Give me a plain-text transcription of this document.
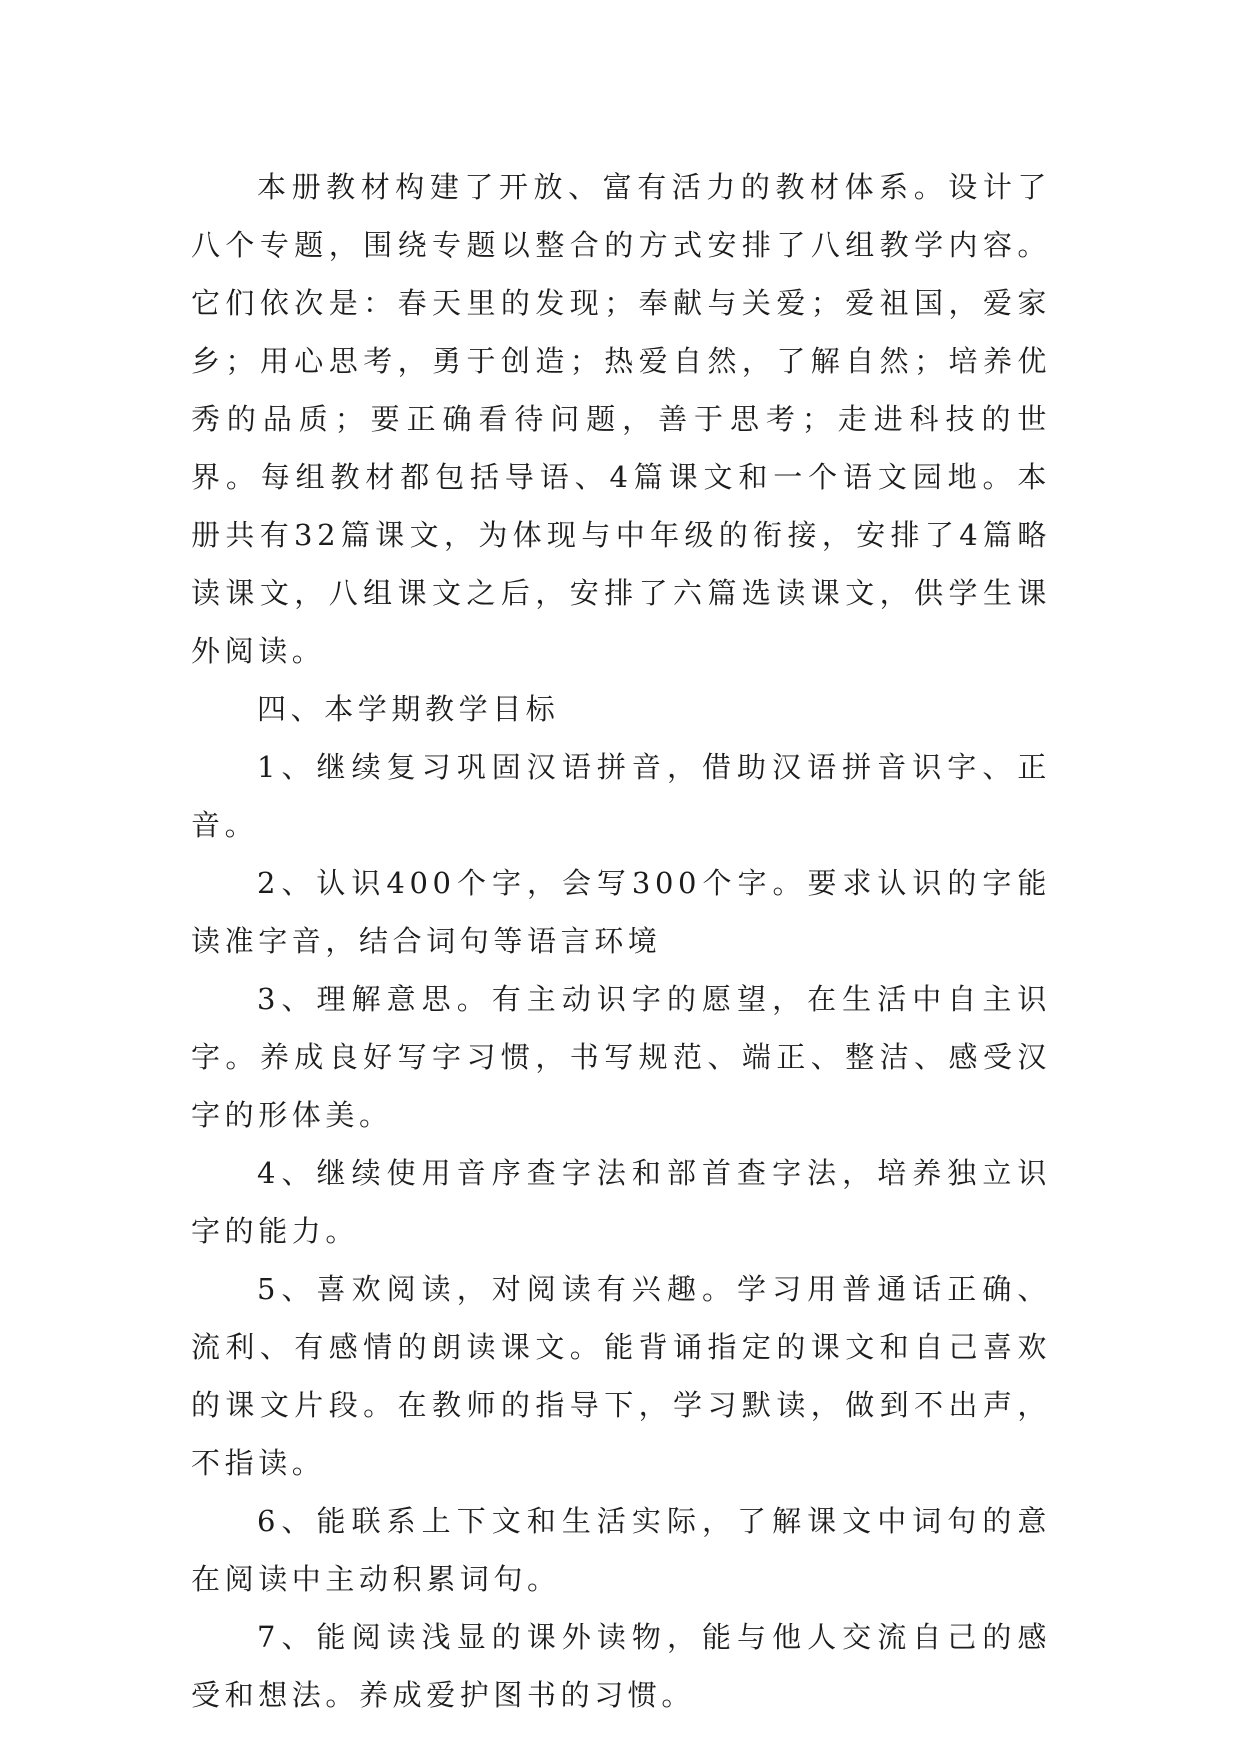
本册教材构建了开放、富有活力的教材体系。设计了八个专题，围绕专题以整合的方式安排了八组教学内容。它们依次是：春天里的发现；奉献与关爱；爱祖国，爱家乡；用心思考，勇于创造；热爱自然，了解自然；培养优秀的品质；要正确看待问题，善于思考；走进科技的世界。每组教材都包括导语、4篇课文和一个语文园地。本册共有32篇课文，为体现与中年级的衔接，安排了4篇略读课文，八组课文之后，安排了六篇选读课文，供学生课外阅读。

四、本学期教学目标

1、继续复习巩固汉语拼音，借助汉语拼音识字、正音。

2、认识400个字，会写300个字。要求认识的字能读准字音，结合词句等语言环境

3、理解意思。有主动识字的愿望，在生活中自主识字。养成良好写字习惯，书写规范、端正、整洁、感受汉字的形体美。

4、继续使用音序查字法和部首查字法，培养独立识字的能力。

5、喜欢阅读，对阅读有兴趣。学习用普通话正确、流利、有感情的朗读课文。能背诵指定的课文和自己喜欢的课文片段。在教师的指导下，学习默读，做到不出声，不指读。

6、能联系上下文和生活实际，了解课文中词句的意在阅读中主动积累词句。

7、能阅读浅显的课外读物，能与他人交流自己的感受和想法。养成爱护图书的习惯。
